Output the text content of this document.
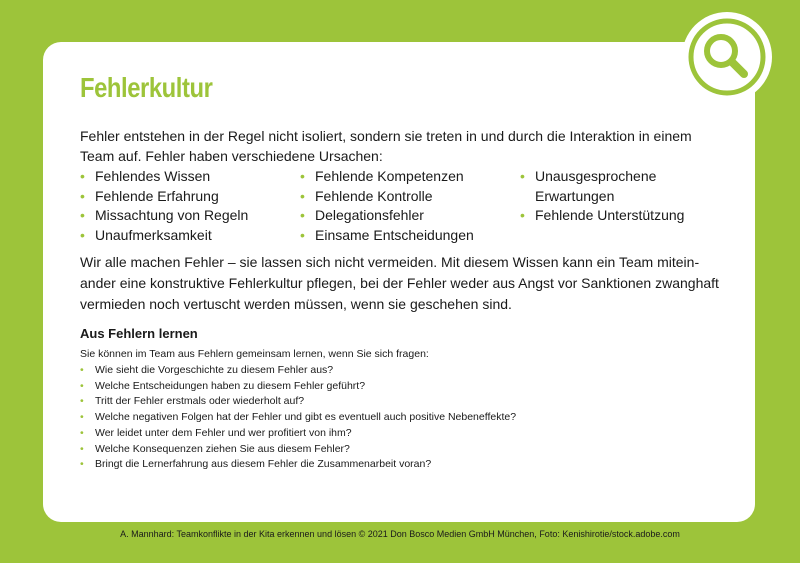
Fehlerkultur

Fehler entstehen in der Regel nicht isoliert, sondern sie treten in und durch die Interaktion in einem Team auf. Fehler haben verschiedene Ursachen:

• Fehlendes Wissen
• Fehlende Erfahrung
• Missachtung von Regeln
• Unaufmerksamkeit
• Fehlende Kompetenzen
• Fehlende Kontrolle
• Delegationsfehler
• Einsame Entscheidungen
• Unausgesprochene Erwartungen
• Fehlende Unterstützung

Wir alle machen Fehler – sie lassen sich nicht vermeiden. Mit diesem Wissen kann ein Team miteinander eine konstruktive Fehlerkultur pflegen, bei der Fehler weder aus Angst vor Sanktionen zwanghaft vermieden noch vertuscht werden müssen, wenn sie geschehen sind.

Aus Fehlern lernen

Sie können im Team aus Fehlern gemeinsam lernen, wenn Sie sich fragen:

• Wie sieht die Vorgeschichte zu diesem Fehler aus?
• Welche Entscheidungen haben zu diesem Fehler geführt?
• Tritt der Fehler erstmals oder wiederholt auf?
• Welche negativen Folgen hat der Fehler und gibt es eventuell auch positive Nebeneffekte?
• Wer leidet unter dem Fehler und wer profitiert von ihm?
• Welche Konsequenzen ziehen Sie aus diesem Fehler?
• Bringt die Lernerfahrung aus diesem Fehler die Zusammenarbeit voran?
A. Mannhard: Teamkonflikte in der Kita erkennen und lösen © 2021 Don Bosco Medien GmbH München, Foto: Kenishirotie/stock.adobe.com
